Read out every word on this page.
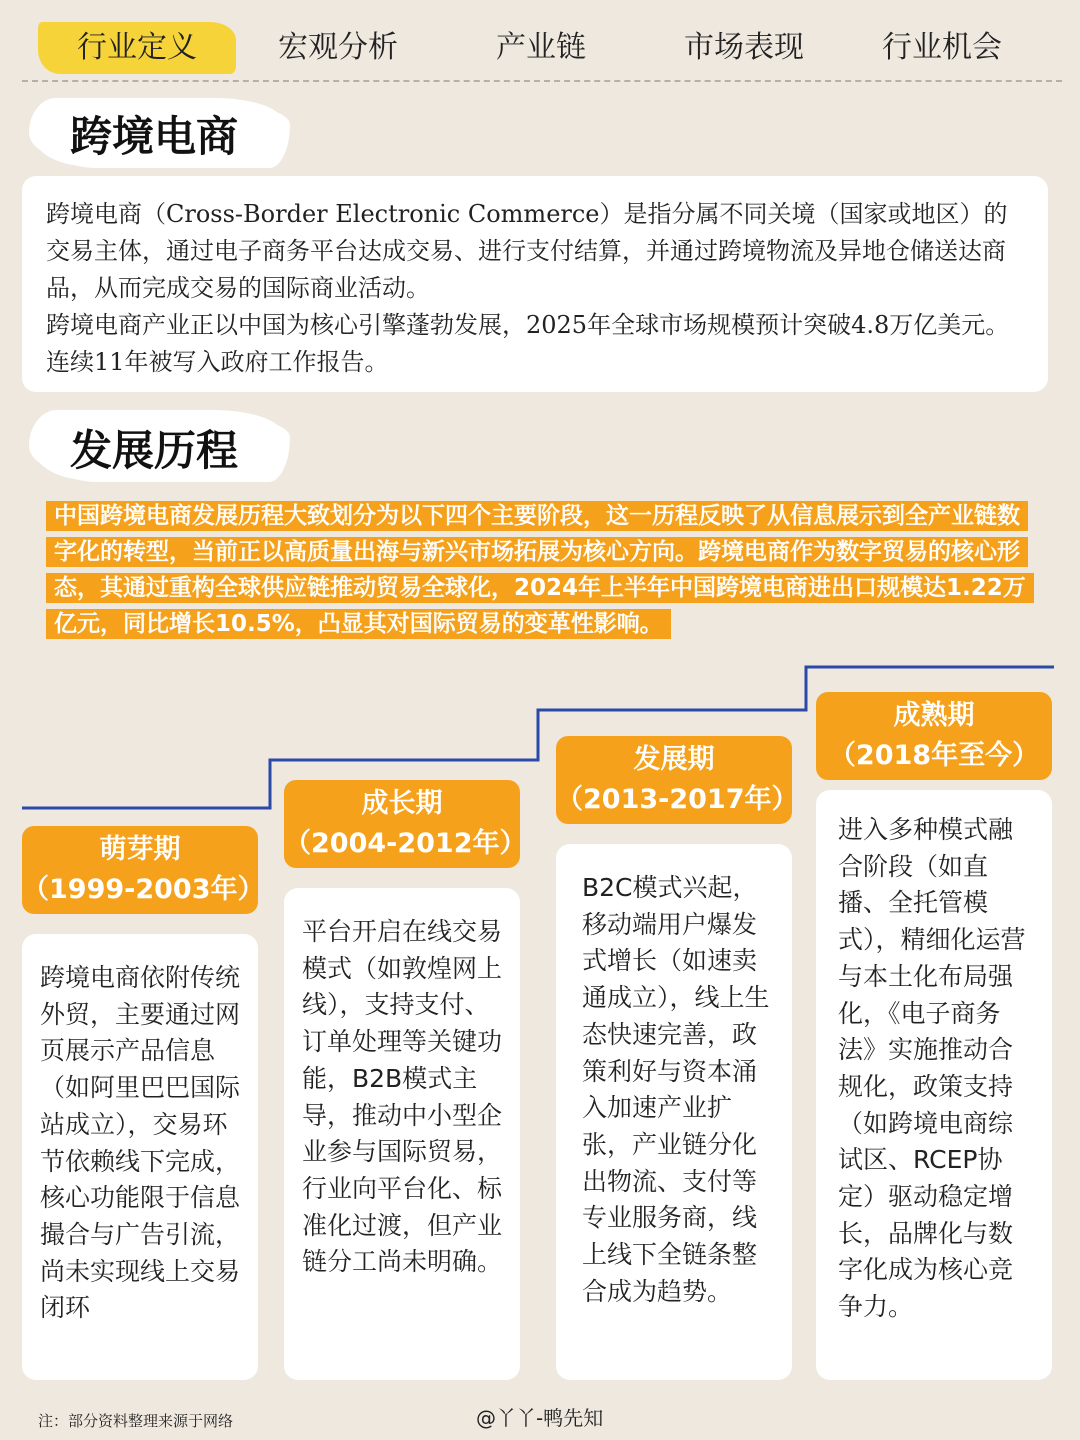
行业定义	宏观分析	产业链	市场表现	行业机会
跨境电商

跨境电商（Cross-Border Electronic Commerce）是指分属不同关境（国家或地区）的交易主体，通过电子商务平台达成交易、进行支付结算，并通过跨境物流及异地仓储送达商品，从而完成交易的国际商业活动。

跨境电商产业正以中国为核心引擎蓬勃发展，2025年全球市场规模预计突破4.8万亿美元。连续11年被写入政府工作报告。

发展历程
中国跨境电商发展历程大致划分为以下四个主要阶段，这一历程反映了从信息展示到全产业链数字化的转型，当前正以高质量出海与新兴市场拓展为核心方向。跨境电商作为数字贸易的核心形态，其通过重构全球供应链推动贸易全球化，2024年上半年中国跨境电商进出口规模达1.22万亿元，同比增长10.5%，凸显其对国际贸易的变革性影响。
萌芽期
（1999-2003年）
跨境电商依附传统外贸，主要通过网页展示产品信息（如阿里巴巴国际站成立），交易环节依赖线下完成，核心功能限于信息撮合与广告引流，尚未实现线上交易闭环
成长期
（2004-2012年）
平台开启在线交易模式（如敦煌网上线），支持支付、订单处理等关键功能，B2B模式主导，推动中小型企业参与国际贸易，行业向平台化、标准化过渡，但产业链分工尚未明确。
发展期
（2013-2017年）
B2C模式兴起，移动端用户爆发式增长（如速卖通成立），线上生态快速完善，政策利好与资本涌入加速产业扩张，产业链分化出物流、支付等专业服务商，线上线下全链条整合成为趋势。
成熟期
（2018年至今）
进入多种模式融合阶段（如直播、全托管模式），精细化运营与本土化布局强化，《电子商务法》实施推动合规化，政策支持（如跨境电商综试区、RCEP协定）驱动稳定增长，品牌化与数字化成为核心竞争力。
注：部分资料整理来源于网络	@丫丫-鸭先知
